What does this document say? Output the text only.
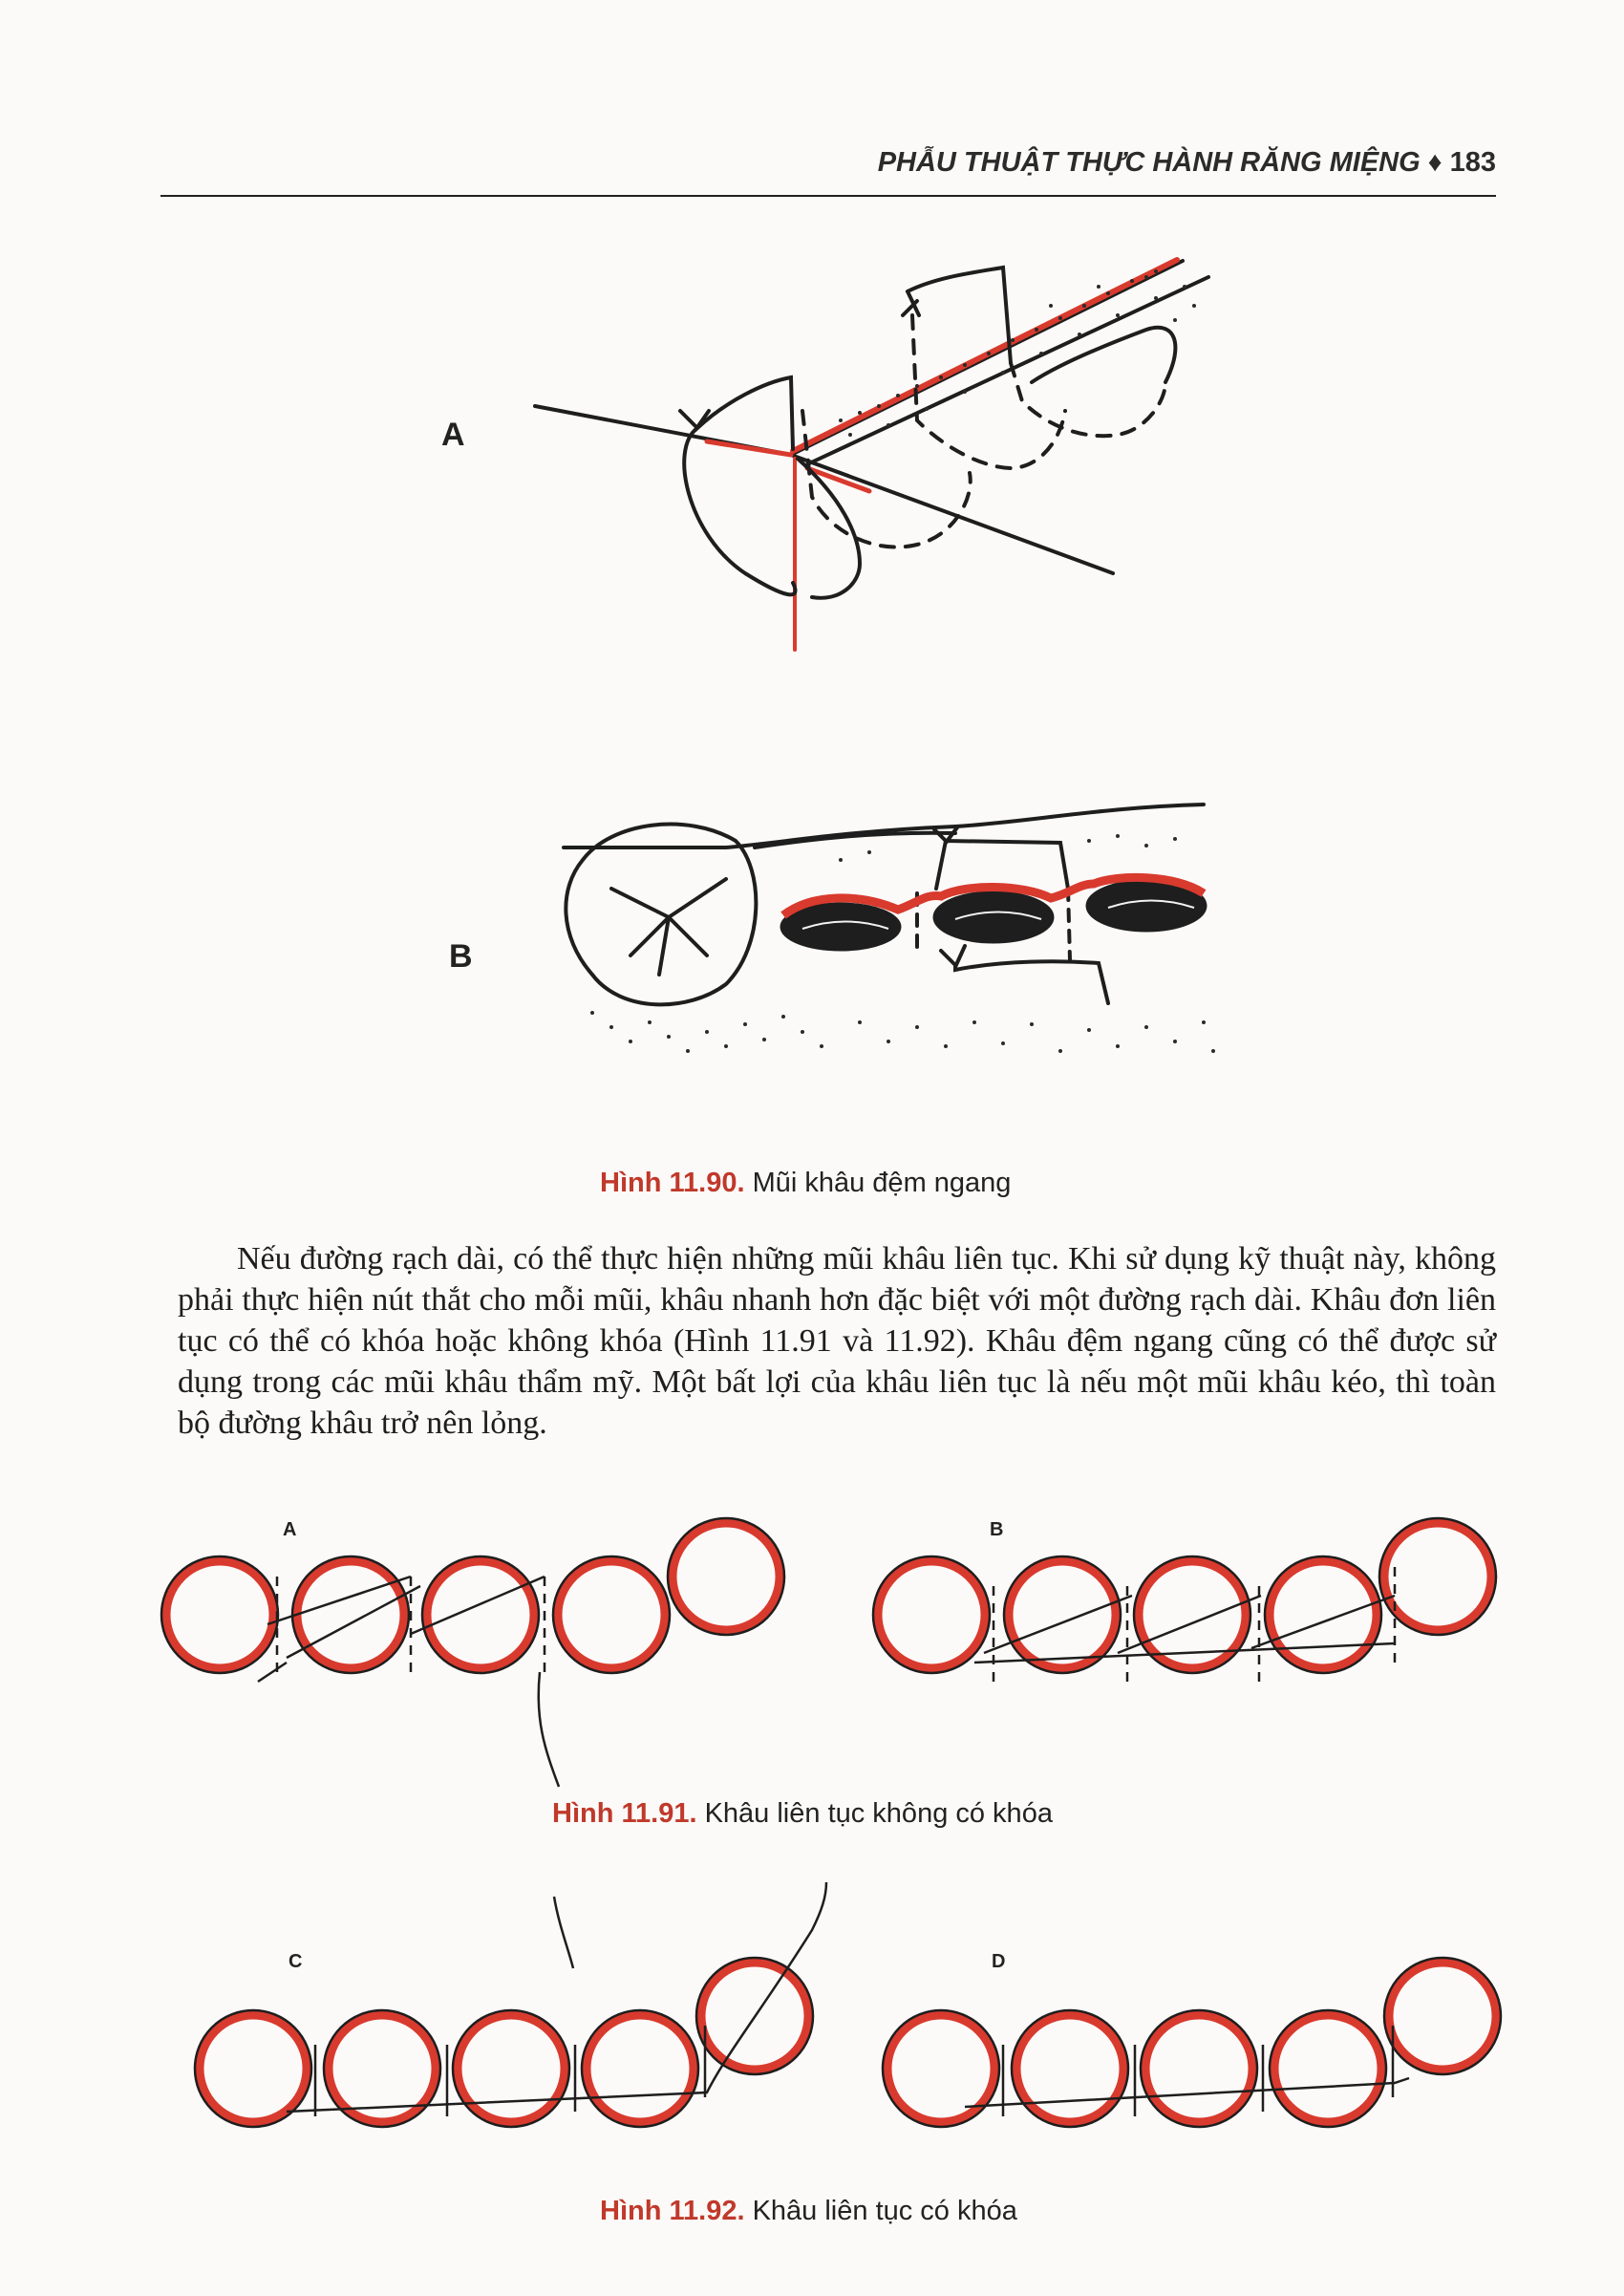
PHẪU THUẬT THỰC HÀNH RĂNG MIỆNG ♦ 183
A
B
Hình 11.90. Mũi khâu đệm ngang

Nếu đường rạch dài, có thể thực hiện những mũi khâu liên tục. Khi sử dụng kỹ thuật này, không phải thực hiện nút thắt cho mỗi mũi, khâu nhanh hơn đặc biệt với một đường rạch dài. Khâu đơn liên tục có thể có khóa hoặc không khóa (Hình 11.91 và 11.92). Khâu đệm ngang cũng có thể được sử dụng trong các mũi khâu thẩm mỹ. Một bất lợi của khâu liên tục là nếu một mũi khâu kéo, thì toàn bộ đường khâu trở nên lỏng.

A	B
Hình 11.91. Khâu liên tục không có khóa
C	D
Hình 11.92. Khâu liên tục có khóa
